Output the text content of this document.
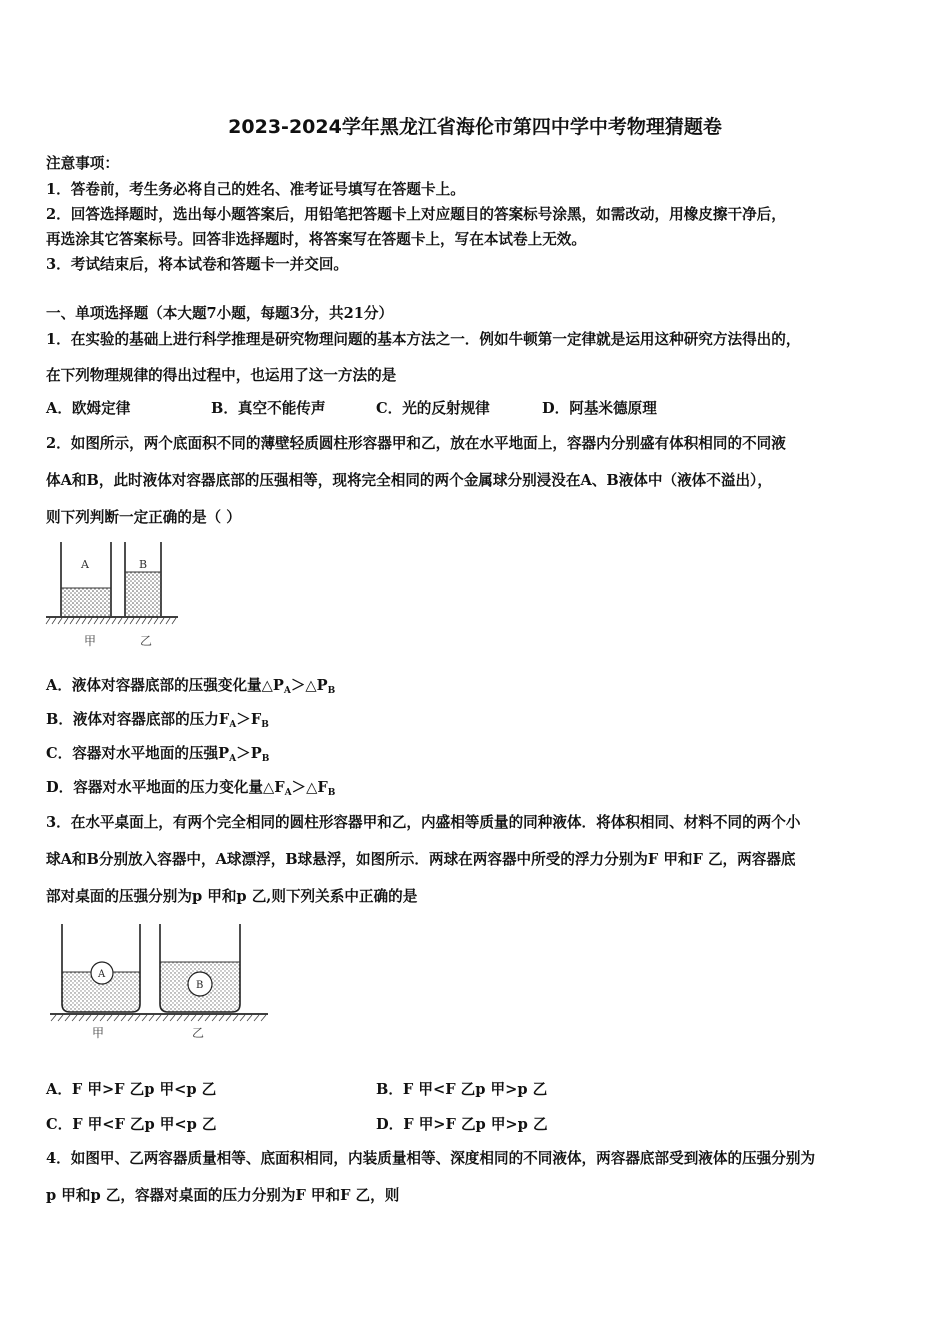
2023-2024学年黑龙江省海伦市第四中学中考物理猜题卷
注意事项：
1．答卷前，考生务必将自己的姓名、准考证号填写在答题卡上。
2．回答选择题时，选出每小题答案后，用铅笔把答题卡上对应题目的答案标号涂黑，如需改动，用橡皮擦干净后，
再选涂其它答案标号。回答非选择题时，将答案写在答题卡上，写在本试卷上无效。
3．考试结束后，将本试卷和答题卡一并交回。
一、单项选择题（本大题7小题，每题3分，共21分）
1．在实验的基础上进行科学推理是研究物理问题的基本方法之一．例如牛顿第一定律就是运用这种研究方法得出的，
在下列物理规律的得出过程中，也运用了这一方法的是
A．欧姆定律	B．真空不能传声	C．光的反射规律	D．阿基米德原理
2．如图所示，两个底面积不同的薄壁轻质圆柱形容器甲和乙，放在水平地面上，容器内分别盛有体积相同的不同液
体A和B，此时液体对容器底部的压强相等，现将完全相同的两个金属球分别浸没在A、B液体中（液体不溢出），
则下列判断一定正确的是（ ）
A	B
甲	乙
A．液体对容器底部的压强变化量$\triangle P_A>\triangle P_B$
B．液体对容器底部的压力$F_A>F_B$
C．容器对水平地面的压强$P_A>P_B$
D．容器对水平地面的压力变化量$\triangle F_A>\triangle F_B$
3．在水平桌面上，有两个完全相同的圆柱形容器甲和乙，内盛相等质量的同种液体．将体积相同、材料不同的两个小
球A和B分别放入容器中，A球漂浮，B球悬浮，如图所示．两球在两容器中所受的浮力分别为F 甲和F 乙，两容器底
部对桌面的压强分别为p 甲和p 乙,则下列关系中正确的是
A
B
甲	乙
A．F 甲>F 乙p 甲<p 乙	B．F 甲<F 乙p 甲>p 乙
C．F 甲<F 乙p 甲<p 乙	D．F 甲>F 乙p 甲>p 乙
4．如图甲、乙两容器质量相等、底面积相同，内装质量相等、深度相同的不同液体，两容器底部受到液体的压强分别为
p 甲和p 乙，容器对桌面的压力分别为F 甲和F 乙，则
